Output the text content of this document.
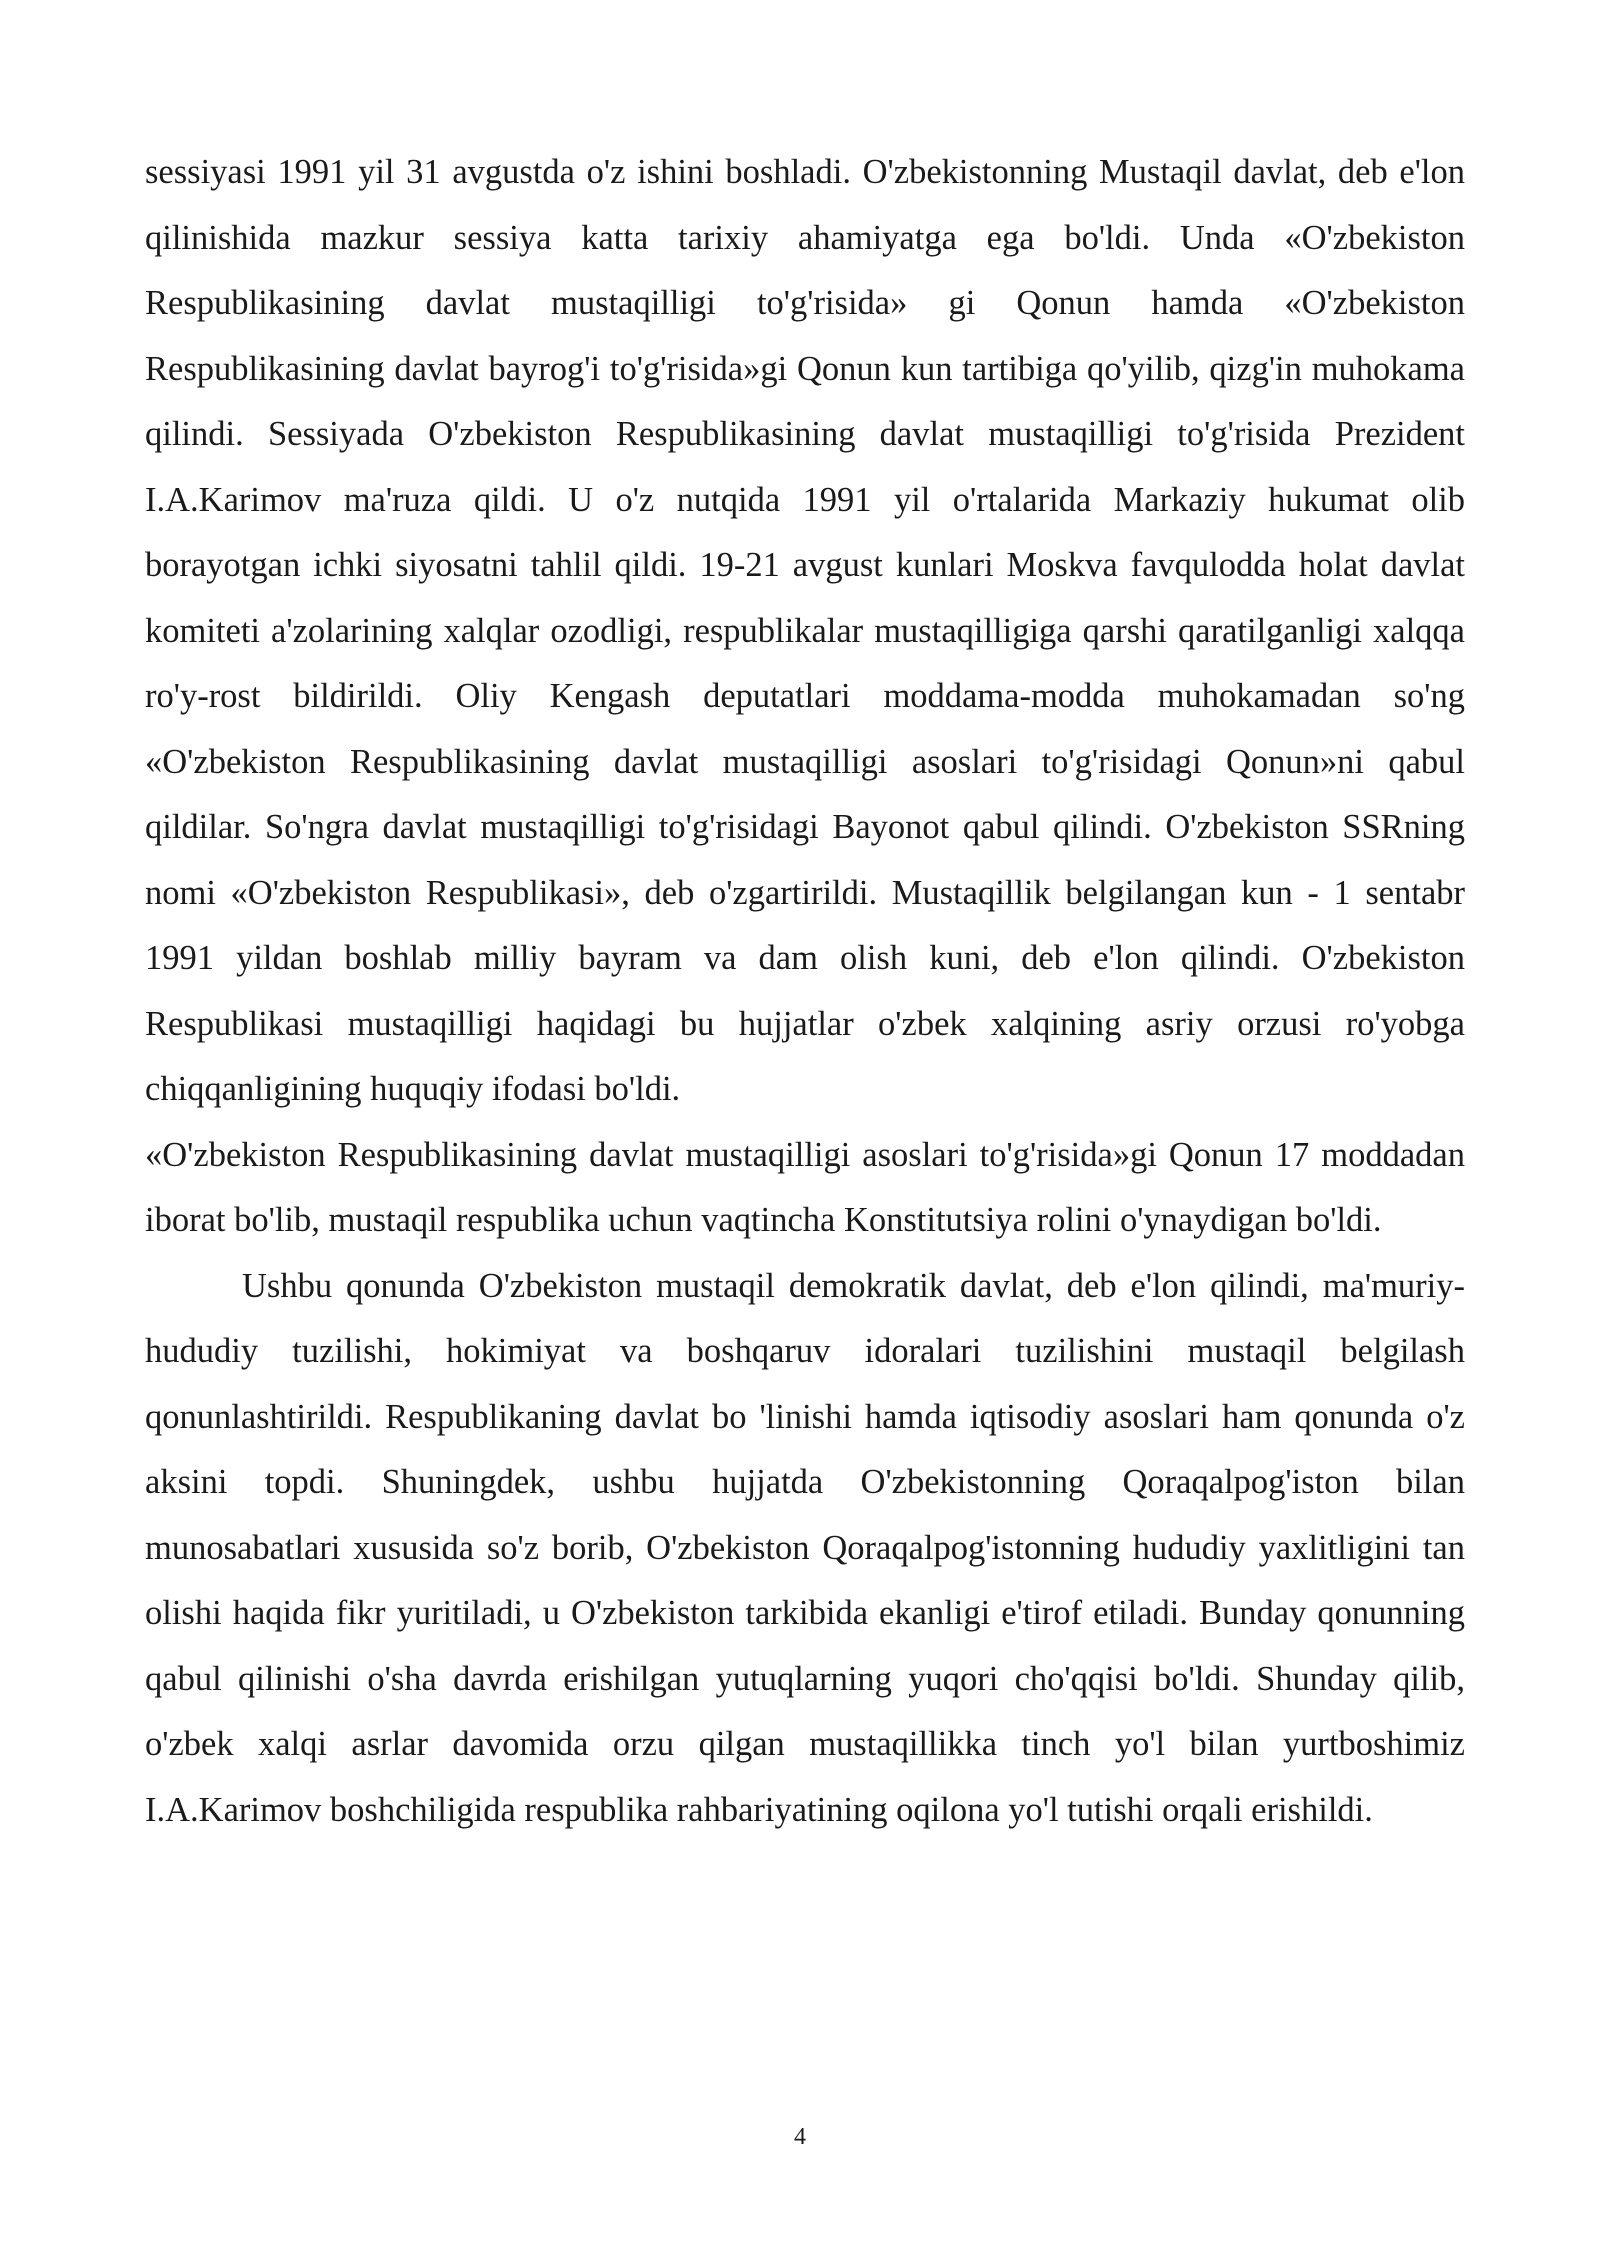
sessiyasi 1991 yil 31 avgustda o'z ishini boshladi. O'zbekistonning Mustaqil davlat, deb e'lon qilinishida mazkur sessiya katta tarixiy ahamiyatga ega bo'ldi. Unda «O'zbekiston Respublikasining davlat mustaqilligi to'g'risida» gi Qonun hamda «O'zbekiston Respublikasining davlat bayrog'i to'g'risida»gi Qonun kun tartibiga qo'yilib, qizg'in muhokama qilindi. Sessiyada O'zbekiston Respublikasining davlat mustaqilligi to'g'risida Prezident I.A.Karimov ma'ruza qildi. U o'z nutqida 1991 yil o'rtalarida Markaziy hukumat olib borayotgan ichki siyosatni tahlil qildi. 19-21 avgust kunlari Moskva favqulodda holat davlat komiteti a'zolarining xalqlar ozodligi, respublikalar mustaqilligiga qarshi qaratilganligi xalqqa ro'y-rost bildirildi. Oliy Kengash deputatlari moddama-modda muhokamadan so'ng «O'zbekiston Respublikasining davlat mustaqilligi asoslari to'g'risidagi Qonun»ni qabul qildilar. So'ngra davlat mustaqilligi to'g'risidagi Bayonot qabul qilindi. O'zbekiston SSRning nomi «O'zbekiston Respublikasi», deb o'zgartirildi. Mustaqillik belgilangan kun - 1 sentabr 1991 yildan boshlab milliy bayram va dam olish kuni, deb e'lon qilindi. O'zbekiston Respublikasi mustaqilligi haqidagi bu hujjatlar o'zbek xalqining asriy orzusi ro'yobga chiqqanligining huquqiy ifodasi bo'ldi.

«O'zbekiston Respublikasining davlat mustaqilligi asoslari to'g'risida»gi Qonun 17 moddadan iborat bo'lib, mustaqil respublika uchun vaqtincha Konstitutsiya rolini o'ynaydigan bo'ldi.

Ushbu qonunda O'zbekiston mustaqil demokratik davlat, deb e'lon qilindi, ma'muriy-hududiy tuzilishi, hokimiyat va boshqaruv idoralari tuzilishini mustaqil belgilash qonunlashtirildi. Respublikaning davlat bo 'linishi hamda iqtisodiy asoslari ham qonunda o'z aksini topdi. Shuningdek, ushbu hujjatda O'zbekistonning Qoraqalpog'iston bilan munosabatlari xususida so'z borib, O'zbekiston Qoraqalpog'istonning hududiy yaxlitligini tan olishi haqida fikr yuritiladi, u O'zbekiston tarkibida ekanligi e'tirof etiladi. Bunday qonunning qabul qilinishi o'sha davrda erishilgan yutuqlarning yuqori cho'qqisi bo'ldi. Shunday qilib, o'zbek xalqi asrlar davomida orzu qilgan mustaqillikka tinch yo'l bilan yurtboshimiz I.A.Karimov boshchiligida respublika rahbariyatining oqilona yo'l tutishi orqali erishildi.

4
